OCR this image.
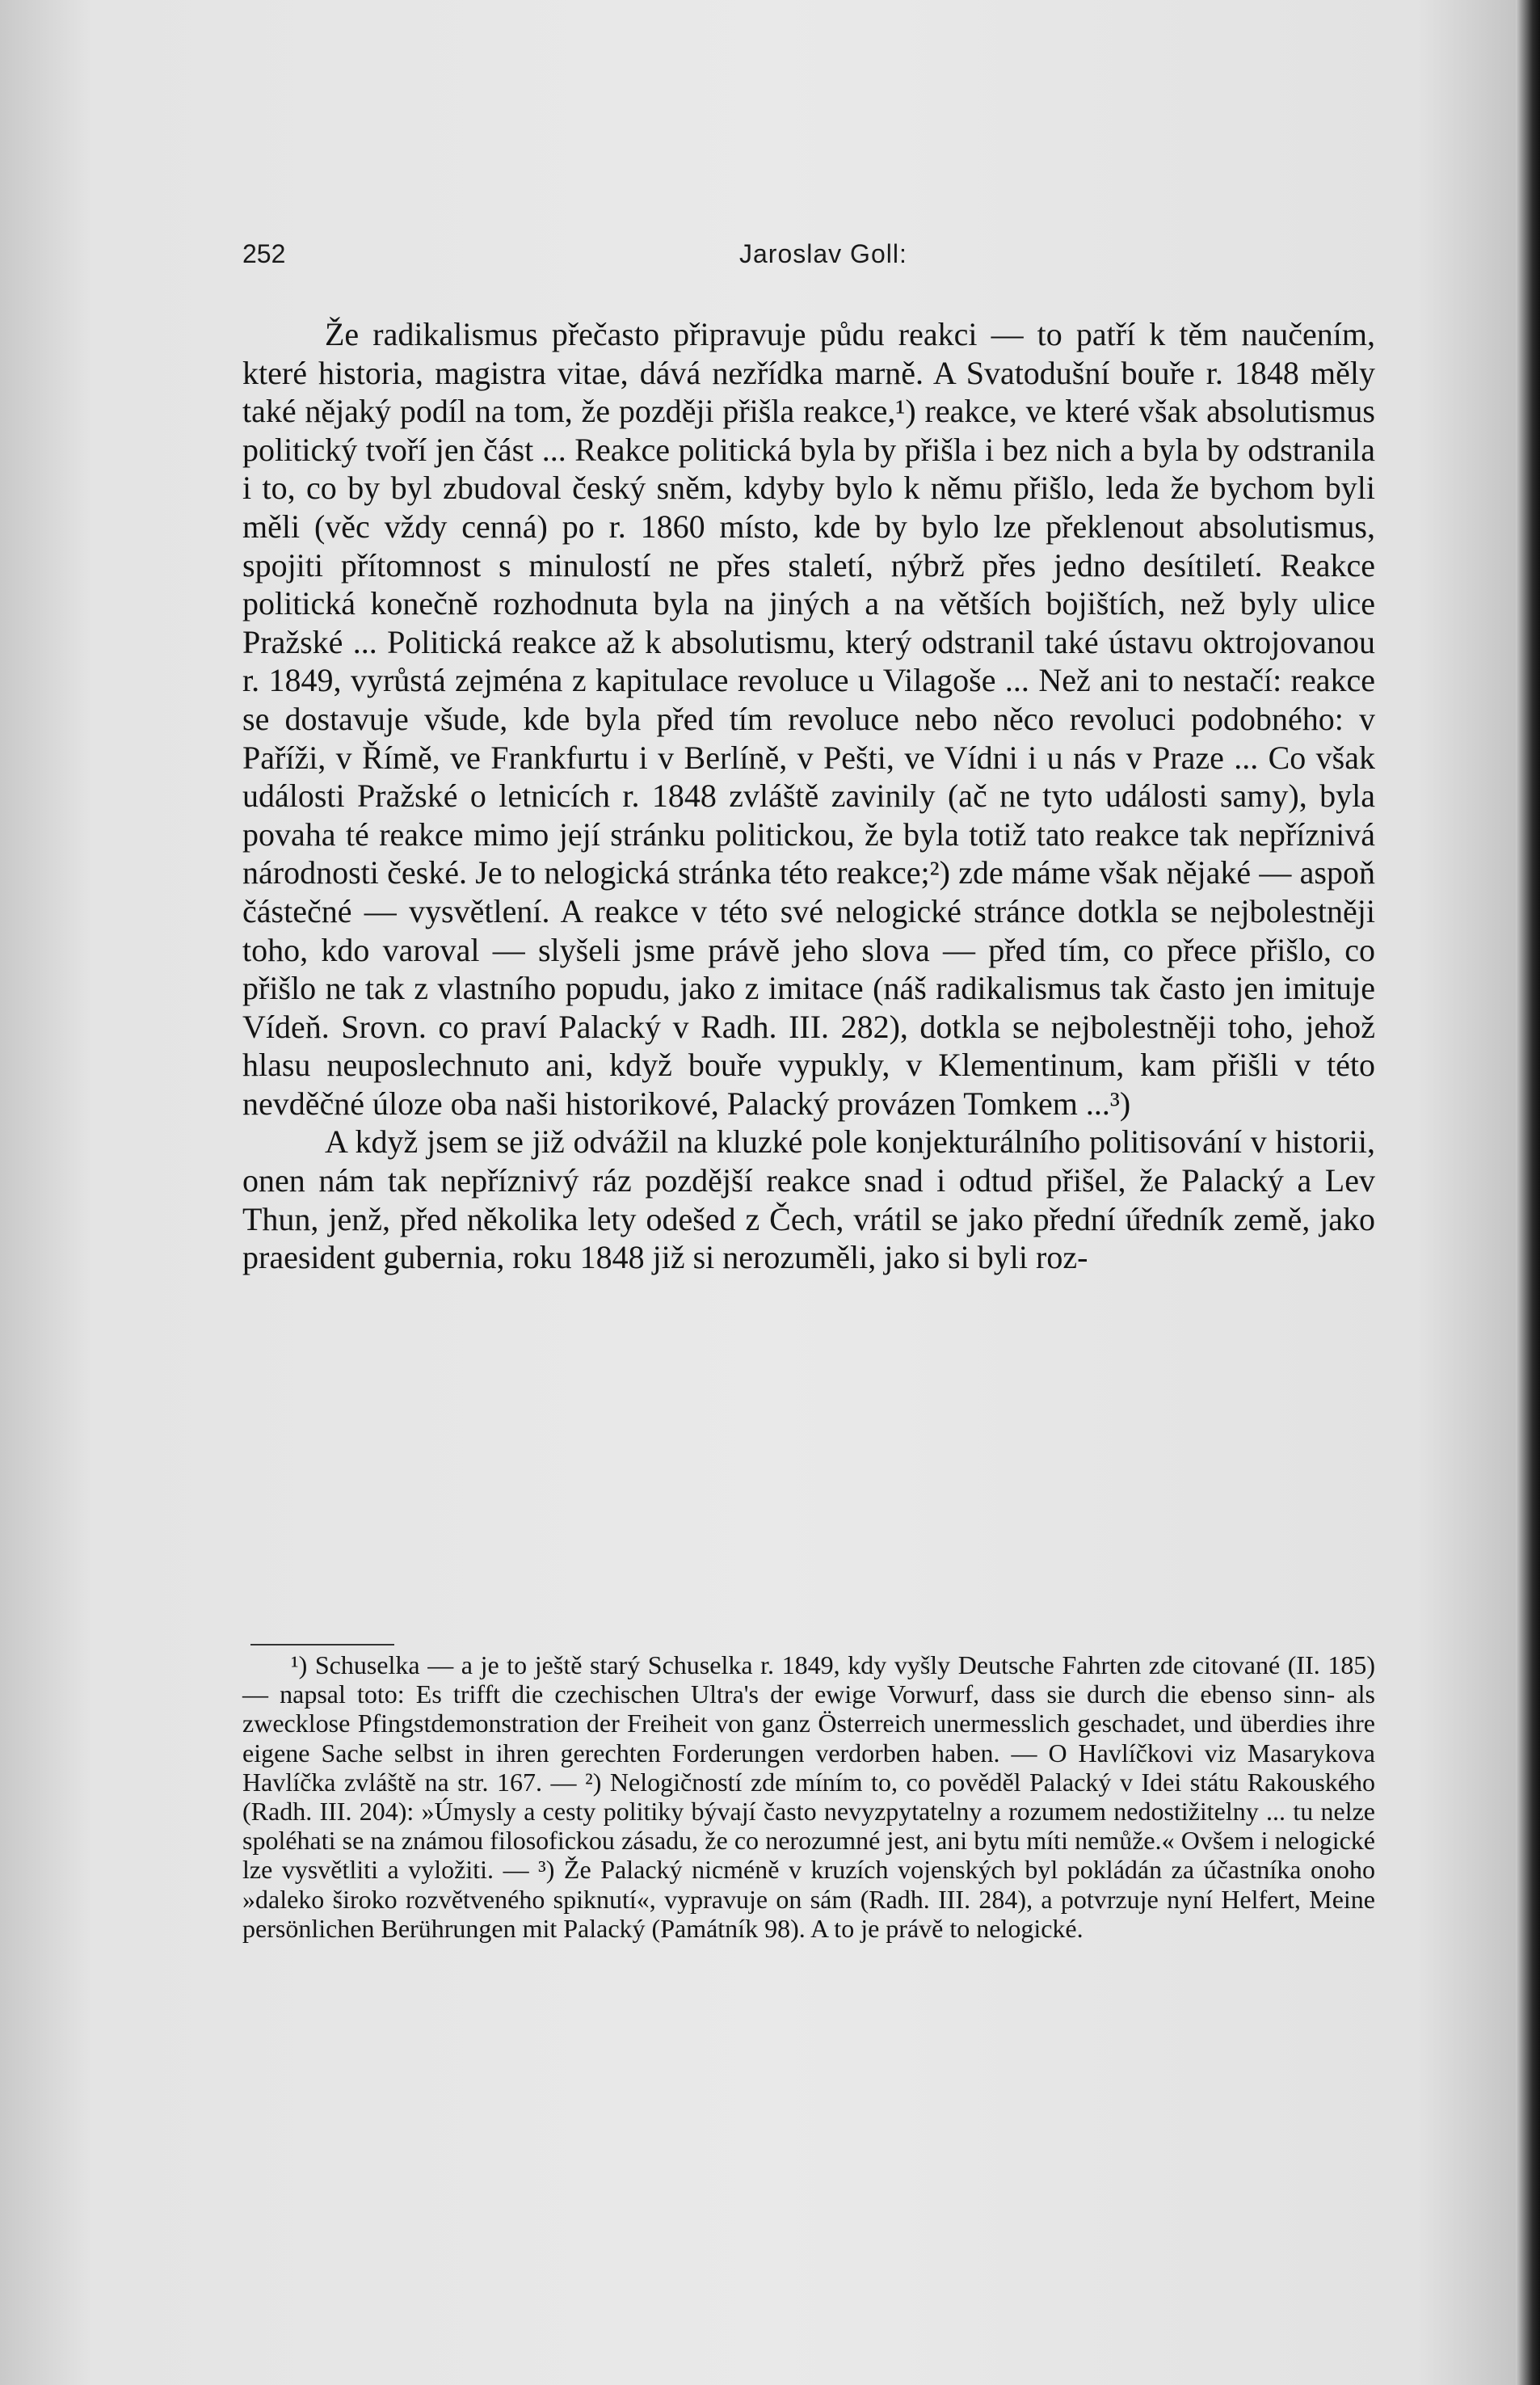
252	Jaroslav Goll:

Že radikalismus přečasto připravuje půdu reakci — to patří k těm naučením, které historia, magistra vitae, dává nezřídka marně. A Svatodušní bouře r. 1848 měly také nějaký podíl na tom, že později přišla reakce,¹) reakce, ve které však absolutismus politický tvoří jen část ... Reakce politická byla by přišla i bez nich a byla by odstranila i to, co by byl zbudoval český sněm, kdyby bylo k němu přišlo, leda že bychom byli měli (věc vždy cenná) po r. 1860 místo, kde by bylo lze překlenout absolutismus, spojiti přítomnost s minulostí ne přes staletí, nýbrž přes jedno desítiletí. Reakce politická konečně rozhodnuta byla na jiných a na větších bojištích, než byly ulice Pražské ... Politická reakce až k absolutismu, který odstranil také ústavu oktrojovanou r. 1849, vyrůstá zejména z kapitulace revoluce u Vilagoše ... Než ani to nestačí: reakce se dostavuje všude, kde byla před tím revoluce nebo něco revoluci podobného: v Paříži, v Římě, ve Frankfurtu i v Berlíně, v Pešti, ve Vídni i u nás v Praze ... Co však události Pražské o letnicích r. 1848 zvláště zavinily (ač ne tyto události samy), byla povaha té reakce mimo její stránku politickou, že byla totiž tato reakce tak nepříznivá národnosti české. Je to nelogická stránka této reakce;²) zde máme však nějaké — aspoň částečné — vysvětlení. A reakce v této své nelogické stránce dotkla se nejbolestněji toho, kdo varoval — slyšeli jsme právě jeho slova — před tím, co přece přišlo, co přišlo ne tak z vlastního popudu, jako z imitace (náš radikalismus tak často jen imituje Vídeň. Srovn. co praví Palacký v Radh. III. 282), dotkla se nejbolestněji toho, jehož hlasu neuposlechnuto ani, když bouře vypukly, v Klementinum, kam přišli v této nevděčné úloze oba naši historikové, Palacký provázen Tomkem ...³)

A když jsem se již odvážil na kluzké pole konjekturálního politisování v historii, onen nám tak nepříznivý ráz pozdější reakce snad i odtud přišel, že Palacký a Lev Thun, jenž, před několika lety odešed z Čech, vrátil se jako přední úředník země, jako praesident gubernia, roku 1848 již si nerozuměli, jako si byli roz-

¹) Schuselka — a je to ještě starý Schuselka r. 1849, kdy vyšly Deutsche Fahrten zde citované (II. 185) — napsal toto: Es trifft die czechischen Ultra's der ewige Vorwurf, dass sie durch die ebenso sinn- als zwecklose Pfingstdemonstration der Freiheit von ganz Österreich unermesslich geschadet, und überdies ihre eigene Sache selbst in ihren gerechten Forderungen verdorben haben. — O Havlíčkovi viz Masarykova Havlíčka zvláště na str. 167. — ²) Nelogičností zde míním to, co pověděl Palacký v Idei státu Rakouského (Radh. III. 204): »Úmysly a cesty politiky bývají často nevyzpytatelny a rozumem nedostižitelny ... tu nelze spoléhati se na známou filosofickou zásadu, že co nerozumné jest, ani bytu míti nemůže.« Ovšem i nelogické lze vysvětliti a vyložiti. — ³) Že Palacký nicméně v kruzích vojenských byl pokládán za účastníka onoho »daleko široko rozvětveného spiknutí«, vypravuje on sám (Radh. III. 284), a potvrzuje nyní Helfert, Meine persönlichen Berührungen mit Palacký (Památník 98). A to je právě to nelogické.
